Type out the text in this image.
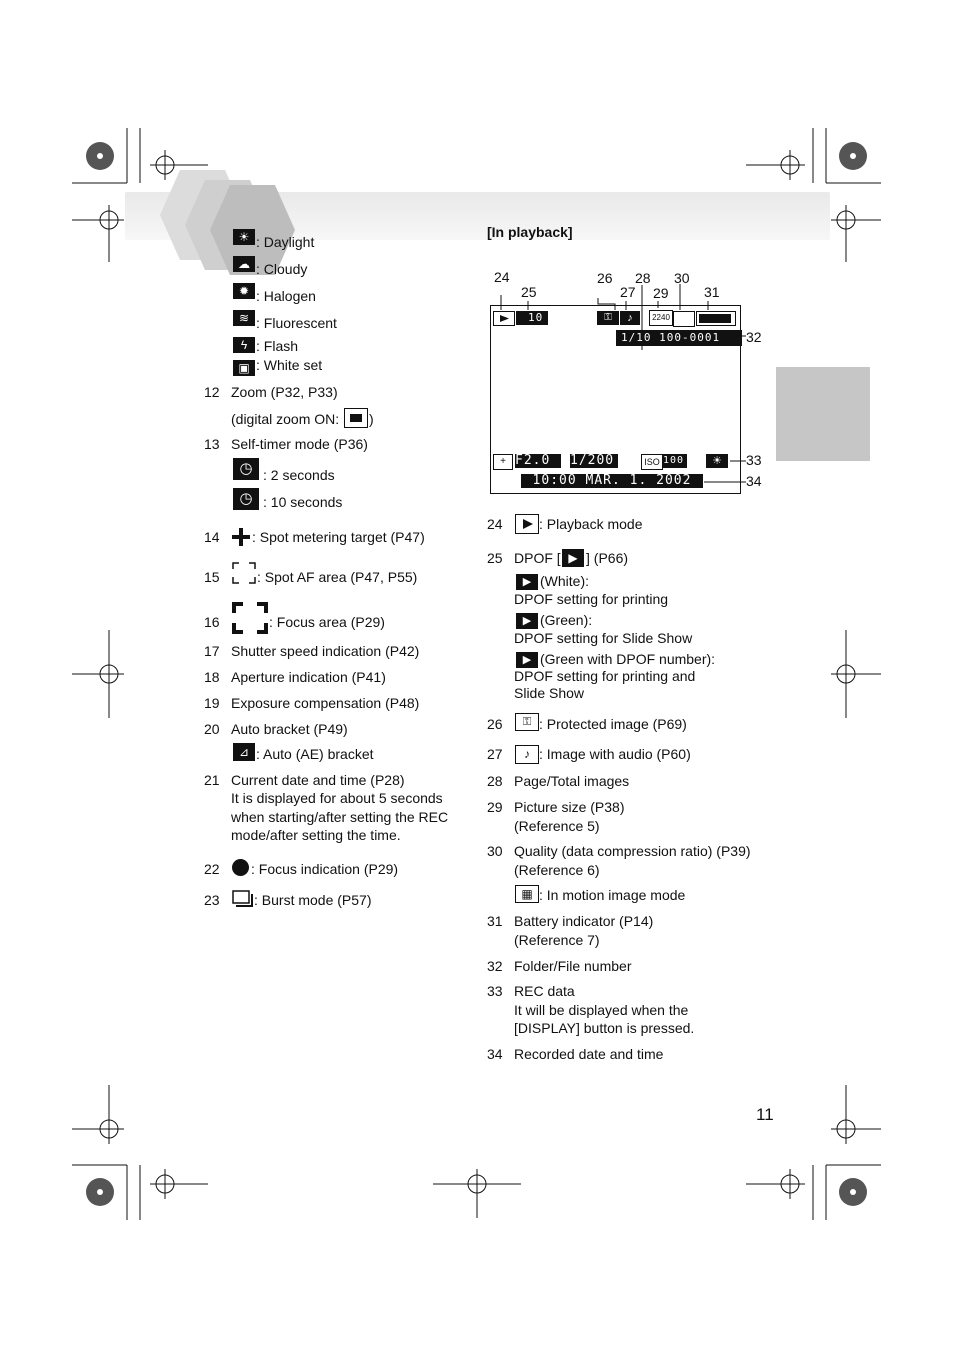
[In playback]
☀ : Daylight
☁ : Cloudy
✹ : Halogen
≋ : Fluorescent
ϟ : Flash
▣ : White set
12 Zoom (P32, P33)
(digital zoom ON: )
13 Self-timer mode (P36)
◷ : 2 seconds
◷ : 10 seconds
14 : Spot metering target (P47)
15	: Spot AF area (P47, P55)
16	: Focus area (P29)
17 Shutter speed indication (P42)
18 Aperture indication (P41)
19 Exposure compensation (P48)
20 Auto bracket (P49)
⊿ : Auto (AE) bracket
21 Current date and time (P28)
It is displayed for about 5 seconds
when starting/after setting the REC
mode/after setting the time.
22 : Focus indication (P29)
23 : Burst mode (P57)
24
25
26
27
28
29
30
31
32
33
34
10	⚿	♪	2240
1/10 100-0001
+ F2.0	1/200	ISO 100	☀
10:00 MAR. 1. 2002
24	: Playback mode
25 DPOF [ ▶ ] (P66)
▶ (White):
DPOF setting for printing
▶ (Green):
DPOF setting for Slide Show
▶ (Green with DPOF number):
DPOF setting for printing and
Slide Show
26	⚿ : Protected image (P69)
27	♪ : Image with audio (P60)
28 Page/Total images
29 Picture size (P38)
(Reference 5)
30 Quality (data compression ratio) (P39)
(Reference 6)
▦ : In motion image mode
31 Battery indicator (P14)
(Reference 7)
32 Folder/File number
33 REC data
It will be displayed when the
[DISPLAY] button is pressed.
34 Recorded date and time
11
